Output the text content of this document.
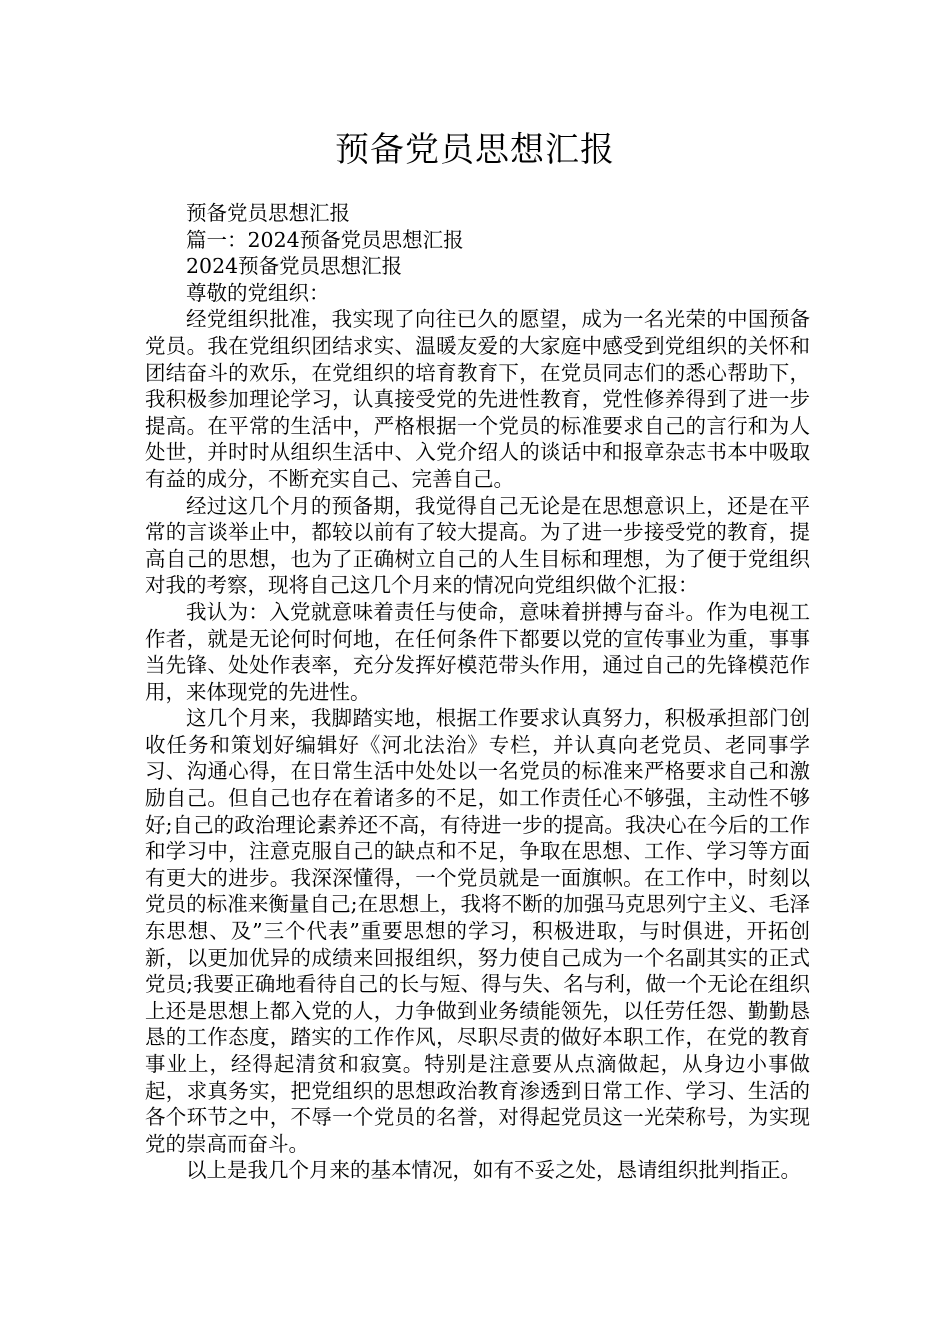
预备党员思想汇报

预备党员思想汇报

篇一：2024预备党员思想汇报

2024预备党员思想汇报

尊敬的党组织：

经党组织批准，我实现了向往已久的愿望，成为一名光荣的中国预备党员。我在党组织团结求实、温暖友爱的大家庭中感受到党组织的关怀和团结奋斗的欢乐，在党组织的培育教育下，在党员同志们的悉心帮助下，我积极参加理论学习，认真接受党的先进性教育，党性修养得到了进一步提高。在平常的生活中，严格根据一个党员的标准要求自己的言行和为人处世，并时时从组织生活中、入党介绍人的谈话中和报章杂志书本中吸取有益的成分，不断充实自己、完善自己。

经过这几个月的预备期，我觉得自己无论是在思想意识上，还是在平常的言谈举止中，都较以前有了较大提高。为了进一步接受党的教育，提高自己的思想，也为了正确树立自己的人生目标和理想，为了便于党组织对我的考察，现将自己这几个月来的情况向党组织做个汇报：

我认为：入党就意味着责任与使命，意味着拼搏与奋斗。作为电视工作者，就是无论何时何地，在任何条件下都要以党的宣传事业为重，事事当先锋、处处作表率，充分发挥好模范带头作用，通过自己的先锋模范作用，来体现党的先进性。

这几个月来，我脚踏实地，根据工作要求认真努力，积极承担部门创收任务和策划好编辑好《河北法治》专栏，并认真向老党员、老同事学习、沟通心得，在日常生活中处处以一名党员的标准来严格要求自己和激励自己。但自己也存在着诸多的不足，如工作责任心不够强，主动性不够好;自己的政治理论素养还不高，有待进一步的提高。我决心在今后的工作和学习中，注意克服自己的缺点和不足，争取在思想、工作、学习等方面有更大的进步。我深深懂得，一个党员就是一面旗帜。在工作中，时刻以党员的标准来衡量自己;在思想上，我将不断的加强马克思列宁主义、毛泽东思想、及”三个代表”重要思想的学习，积极进取，与时俱进，开拓创新，以更加优异的成绩来回报组织，努力使自己成为一个名副其实的正式党员;我要正确地看待自己的长与短、得与失、名与利，做一个无论在组织上还是思想上都入党的人，力争做到业务绩能领先，以任劳任怨、勤勤恳恳的工作态度，踏实的工作作风，尽职尽责的做好本职工作，在党的教育事业上，经得起清贫和寂寞。特别是注意要从点滴做起，从身边小事做起，求真务实，把党组织的思想政治教育渗透到日常工作、学习、生活的各个环节之中，不辱一个党员的名誉，对得起党员这一光荣称号，为实现党的崇高而奋斗。

以上是我几个月来的基本情况，如有不妥之处，恳请组织批判指正。
